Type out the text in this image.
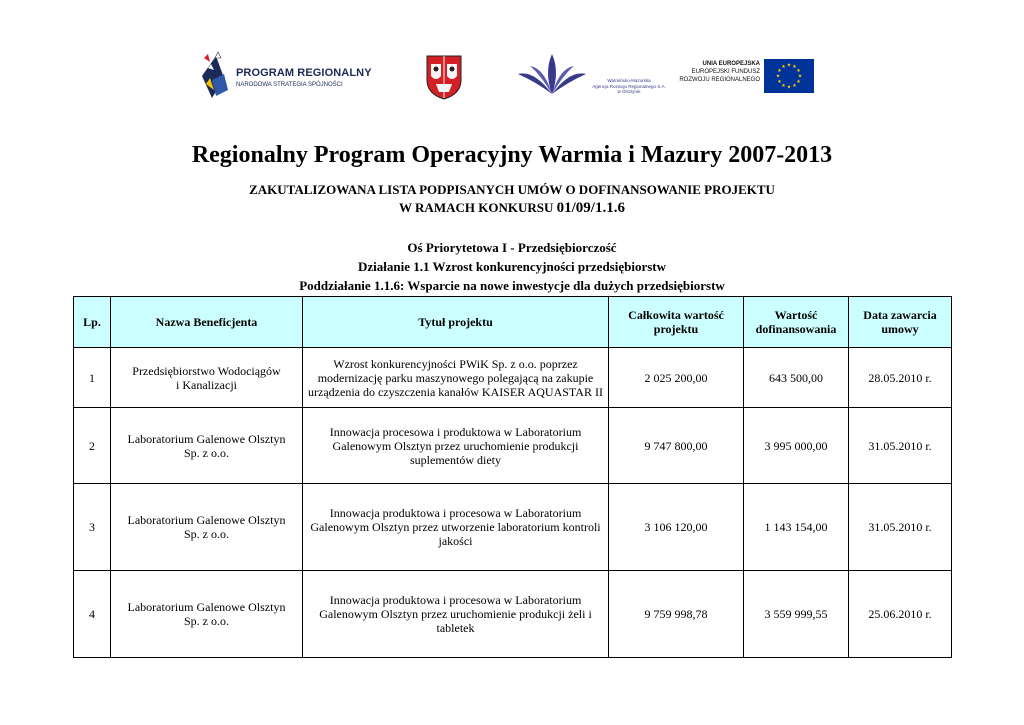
PROGRAM REGIONALNY
NARODOWA STRATEGIA SPÓJNOŚCI
Warmińsko-Mazurska
Agencja Rozwoju Regionalnego S.A.
w Olsztynie
UNIA EUROPEJSKA
EUROPEJSKI FUNDUSZ
ROZWOJU REGIONALNEGO
★
★
★
★
★
★
★
★
★ ★ ★
★
Regionalny Program Operacyjny Warmia i Mazury 2007-2013
ZAKUTALIZOWANA LISTA PODPISANYCH UMÓW O DOFINANSOWANIE PROJEKTU
W RAMACH KONKURSU 01/09/1.1.6
Oś Priorytetowa I - Przedsiębiorczość
Działanie 1.1 Wzrost konkurencyjności przedsiębiorstw
Poddziałanie 1.1.6: Wsparcie na nowe inwestycje dla dużych przedsiębiorstw
Lp.	Nazwa Beneficjenta	Tytuł projektu	Całkowita wartość
projektu	Wartość
dofinansowania	Data zawarcia
umowy
1	Przedsiębiorstwo Wodociągów
i Kanalizacji	Wzrost konkurencyjności PWiK Sp. z o.o. poprzez
modernizację parku maszynowego polegającą na zakupie
urządzenia do czyszczenia kanałów KAISER AQUASTAR II	2 025 200,00	643 500,00	28.05.2010 r.
2	Laboratorium Galenowe Olsztyn
Sp. z o.o.	Innowacja procesowa i produktowa w Laboratorium
Galenowym Olsztyn przez uruchomienie produkcji
suplementów diety	9 747 800,00	3 995 000,00	31.05.2010 r.
3	Laboratorium Galenowe Olsztyn
Sp. z o.o.	Innowacja produktowa i procesowa w Laboratorium
Galenowym Olsztyn przez utworzenie laboratorium kontroli
jakości	3 106 120,00	1 143 154,00	31.05.2010 r.
4	Laboratorium Galenowe Olsztyn
Sp. z o.o.	Innowacja produktowa i procesowa w Laboratorium
Galenowym Olsztyn przez uruchomienie produkcji żeli i
tabletek	9 759 998,78	3 559 999,55	25.06.2010 r.
